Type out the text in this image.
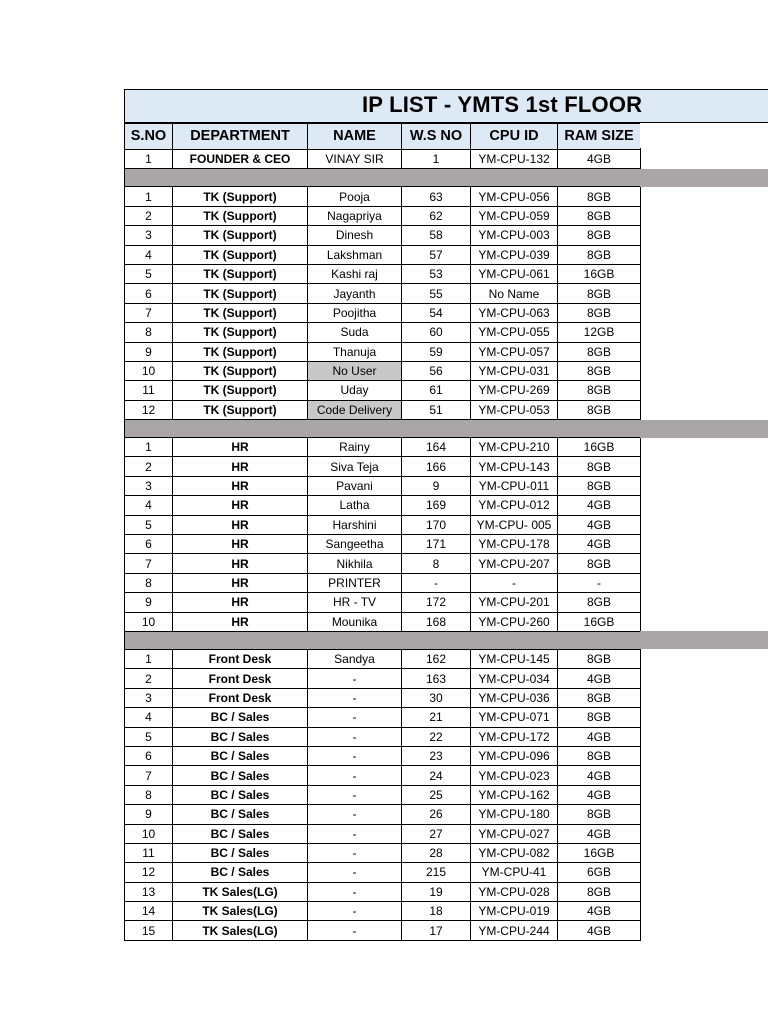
IP LIST - YMTS 1st FLOOR
S.NO	DEPARTMENT	NAME	W.S NO	CPU ID	RAM SIZE
1	FOUNDER & CEO	VINAY SIR	1	YM-CPU-132	4GB

1	TK (Support)	Pooja	63	YM-CPU-056	8GB
2	TK (Support)	Nagapriya	62	YM-CPU-059	8GB
3	TK (Support)	Dinesh	58	YM-CPU-003	8GB
4	TK (Support)	Lakshman	57	YM-CPU-039	8GB
5	TK (Support)	Kashi raj	53	YM-CPU-061	16GB
6	TK (Support)	Jayanth	55	No Name	8GB
7	TK (Support)	Poojitha	54	YM-CPU-063	8GB
8	TK (Support)	Suda	60	YM-CPU-055	12GB
9	TK (Support)	Thanuja	59	YM-CPU-057	8GB
10	TK (Support)	No User	56	YM-CPU-031	8GB
11	TK (Support)	Uday	61	YM-CPU-269	8GB
12	TK (Support)	Code Delivery	51	YM-CPU-053	8GB

1	HR	Rainy	164	YM-CPU-210	16GB
2	HR	Siva Teja	166	YM-CPU-143	8GB
3	HR	Pavani	9	YM-CPU-011	8GB
4	HR	Latha	169	YM-CPU-012	4GB
5	HR	Harshini	170	YM-CPU- 005	4GB
6	HR	Sangeetha	171	YM-CPU-178	4GB
7	HR	Nikhila	8	YM-CPU-207	8GB
8	HR	PRINTER	-	-	-
9	HR	HR - TV	172	YM-CPU-201	8GB
10	HR	Mounika	168	YM-CPU-260	16GB

1	Front Desk	Sandya	162	YM-CPU-145	8GB
2	Front Desk	-	163	YM-CPU-034	4GB
3	Front Desk	-	30	YM-CPU-036	8GB
4	BC / Sales	-	21	YM-CPU-071	8GB
5	BC / Sales	-	22	YM-CPU-172	4GB
6	BC / Sales	-	23	YM-CPU-096	8GB
7	BC / Sales	-	24	YM-CPU-023	4GB
8	BC / Sales	-	25	YM-CPU-162	4GB
9	BC / Sales	-	26	YM-CPU-180	8GB
10	BC / Sales	-	27	YM-CPU-027	4GB
11	BC / Sales	-	28	YM-CPU-082	16GB
12	BC / Sales	-	215	YM-CPU-41	6GB
13	TK Sales(LG)	-	19	YM-CPU-028	8GB
14	TK Sales(LG)	-	18	YM-CPU-019	4GB
15	TK Sales(LG)	-	17	YM-CPU-244	4GB
